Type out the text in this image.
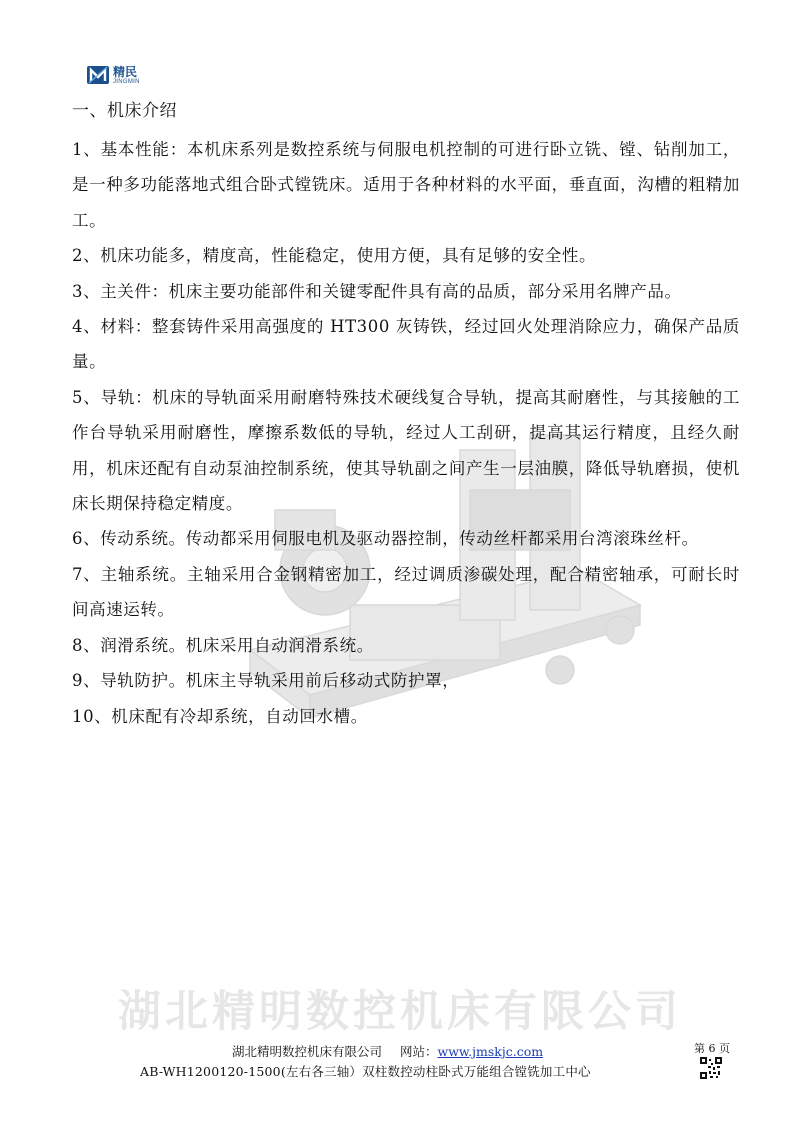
精民
JINGMIN
一、机床介绍

1、基本性能：本机床系列是数控系统与伺服电机控制的可进行卧立铣、镗、钻削加工，是一种多功能落地式组合卧式镗铣床。适用于各种材料的水平面，垂直面，沟槽的粗精加工。

2、机床功能多，精度高，性能稳定，使用方便，具有足够的安全性。

3、主关件：机床主要功能部件和关键零配件具有高的品质，部分采用名牌产品。

4、材料：整套铸件采用高强度的 HT300 灰铸铁，经过回火处理消除应力，确保产品质量。

5、导轨：机床的导轨面采用耐磨特殊技术硬线复合导轨，提高其耐磨性，与其接触的工作台导轨采用耐磨性，摩擦系数低的导轨，经过人工刮研，提高其运行精度，且经久耐用，机床还配有自动泵油控制系统，使其导轨副之间产生一层油膜，降低导轨磨损，使机床长期保持稳定精度。

6、传动系统。传动都采用伺服电机及驱动器控制，传动丝杆都采用台湾滚珠丝杆。

7、主轴系统。主轴采用合金钢精密加工，经过调质渗碳处理，配合精密轴承，可耐长时间高速运转。

8、润滑系统。机床采用自动润滑系统。

9、导轨防护。机床主导轨采用前后移动式防护罩，

10、机床配有冷却系统，自动回水槽。

湖北精明数控机床有限公司
湖北精明数控机床有限公司 网站：www.jmskjc.com	第 6 页
AB-WH1200120-1500(左右各三轴）双柱数控动柱卧式万能组合镗铣加工中心
